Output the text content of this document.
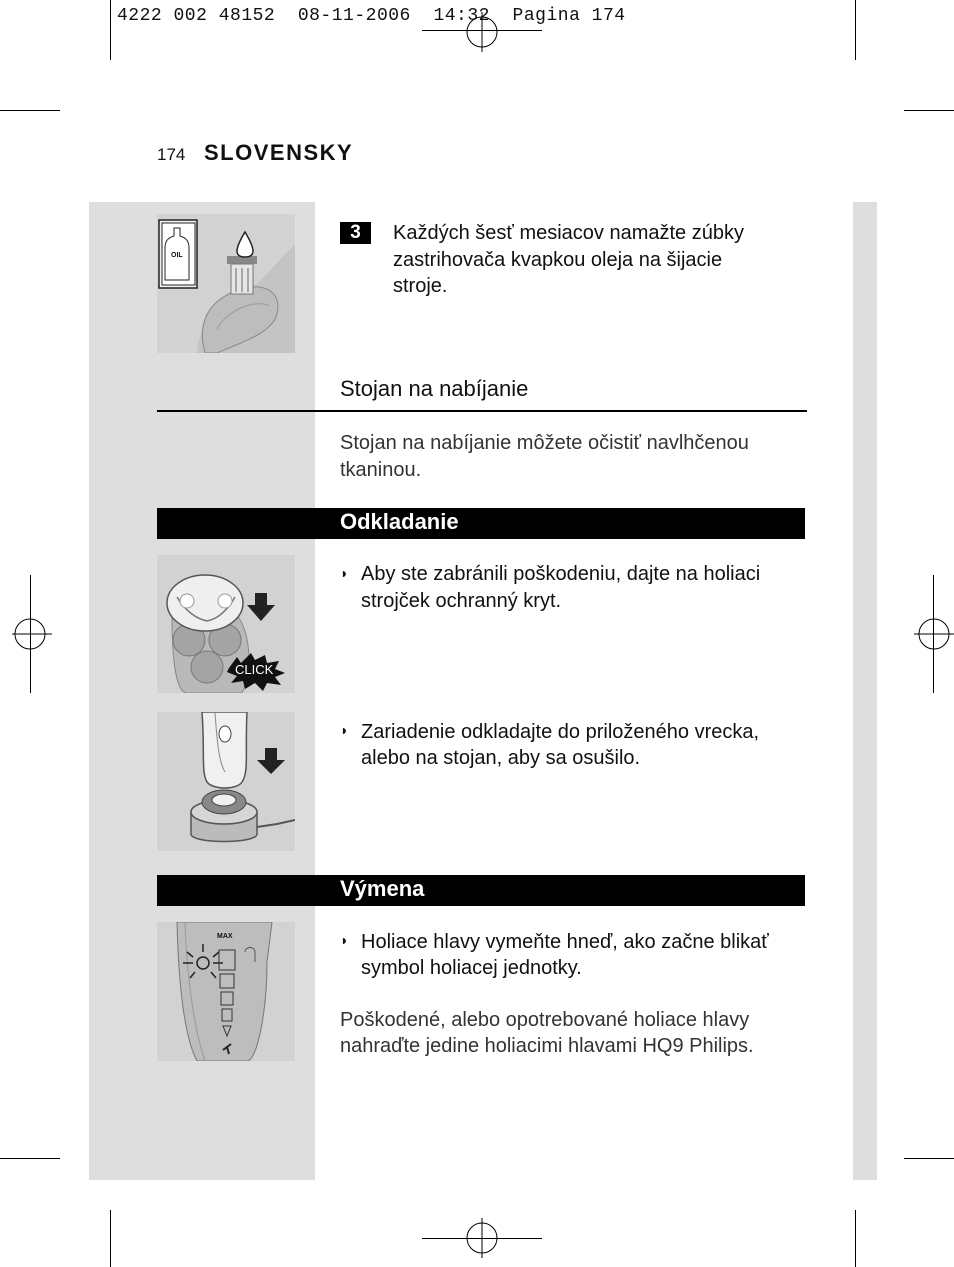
4222 002 48152  08-11-2006  14:32  Pagina 174
174 SLOVENSKY
OIL
3	Každých šesť mesiacov namažte zúbky
zastrihovača kvapkou oleja na šijacie
stroje.
Stojan na nabíjanie
Stojan na nabíjanie môžete očistiť navlhčenou
tkaninou.
Odkladanie
CLICK
◗ Aby ste zabránili poškodeniu, dajte na holiaci
strojček ochranný kryt.
◗ Zariadenie odkladajte do priloženého vrecka,
alebo na stojan, aby sa osušilo.
Výmena
MAX	◗ Holiace hlavy vymeňte hneď, ako začne blikať
symbol holiacej jednotky.
Poškodené, alebo opotrebované holiace hlavy
nahraďte jedine holiacimi hlavami HQ9 Philips.
